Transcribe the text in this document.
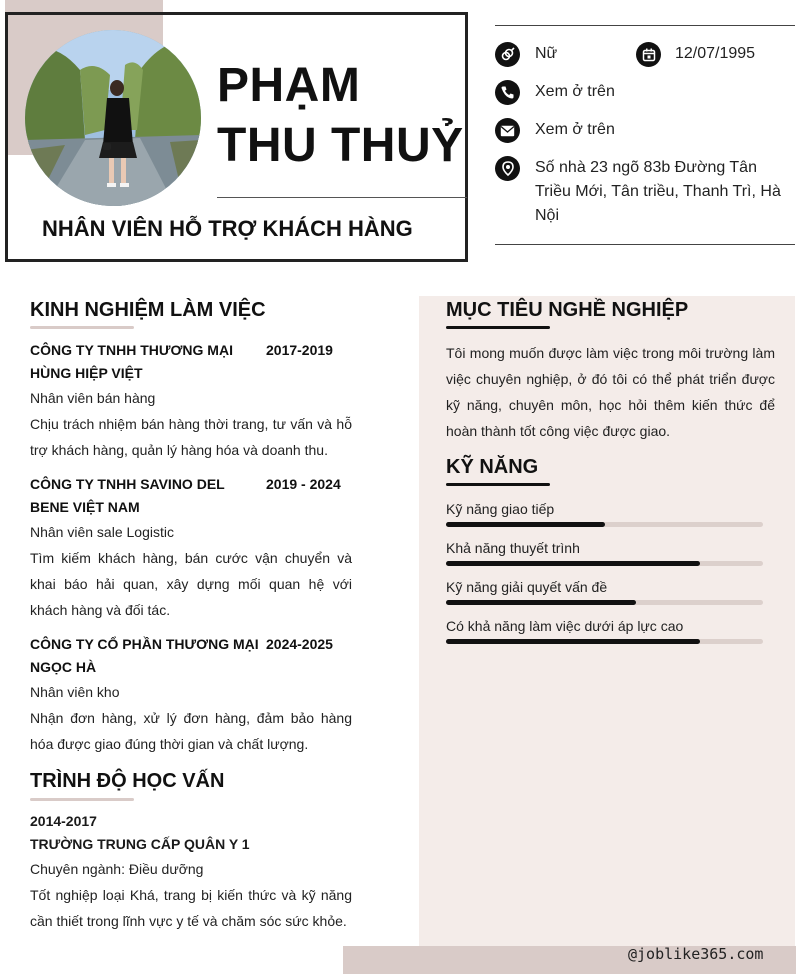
PHẠM
THU THUỶ
NHÂN VIÊN HỖ TRỢ KHÁCH HÀNG
Nữ	12/07/1995
Xem ở trên
Xem ở trên
Số nhà 23 ngõ 83b Đường Tân Triều Mới, Tân triều, Thanh Trì, Hà Nội
KINH NGHIỆM LÀM VIỆC
CÔNG TY TNHH THƯƠNG MẠI HÙNG HIỆP VIỆT
2017-2019
Nhân viên bán hàng
Chịu trách nhiệm bán hàng thời trang, tư vấn và hỗ trợ khách hàng, quản lý hàng hóa và doanh thu.
CÔNG TY TNHH SAVINO DEL BENE VIỆT NAM
2019 - 2024
Nhân viên sale Logistic
Tìm kiếm khách hàng, bán cước vận chuyển và khai báo hải quan, xây dựng mối quan hệ với khách hàng và đối tác.
CÔNG TY CỔ PHẦN THƯƠNG MẠI NGỌC HÀ
2024-2025
Nhân viên kho
Nhận đơn hàng, xử lý đơn hàng, đảm bảo hàng hóa được giao đúng thời gian và chất lượng.
TRÌNH ĐỘ HỌC VẤN
2014-2017
TRƯỜNG TRUNG CẤP QUÂN Y 1
Chuyên ngành: Điều dưỡng
Tốt nghiệp loại Khá, trang bị kiến thức và kỹ năng cần thiết trong lĩnh vực y tế và chăm sóc sức khỏe.
MỤC TIÊU NGHỀ NGHIỆP
Tôi mong muốn được làm việc trong môi trường làm việc chuyên nghiệp, ở đó tôi có thể phát triển được kỹ năng, chuyên môn, học hỏi thêm kiến thức để hoàn thành tốt công việc được giao.
KỸ NĂNG
Kỹ năng giao tiếp
Khả năng thuyết trình
Kỹ năng giải quyết vấn đề
Có khả năng làm việc dưới áp lực cao
@joblike365.com
